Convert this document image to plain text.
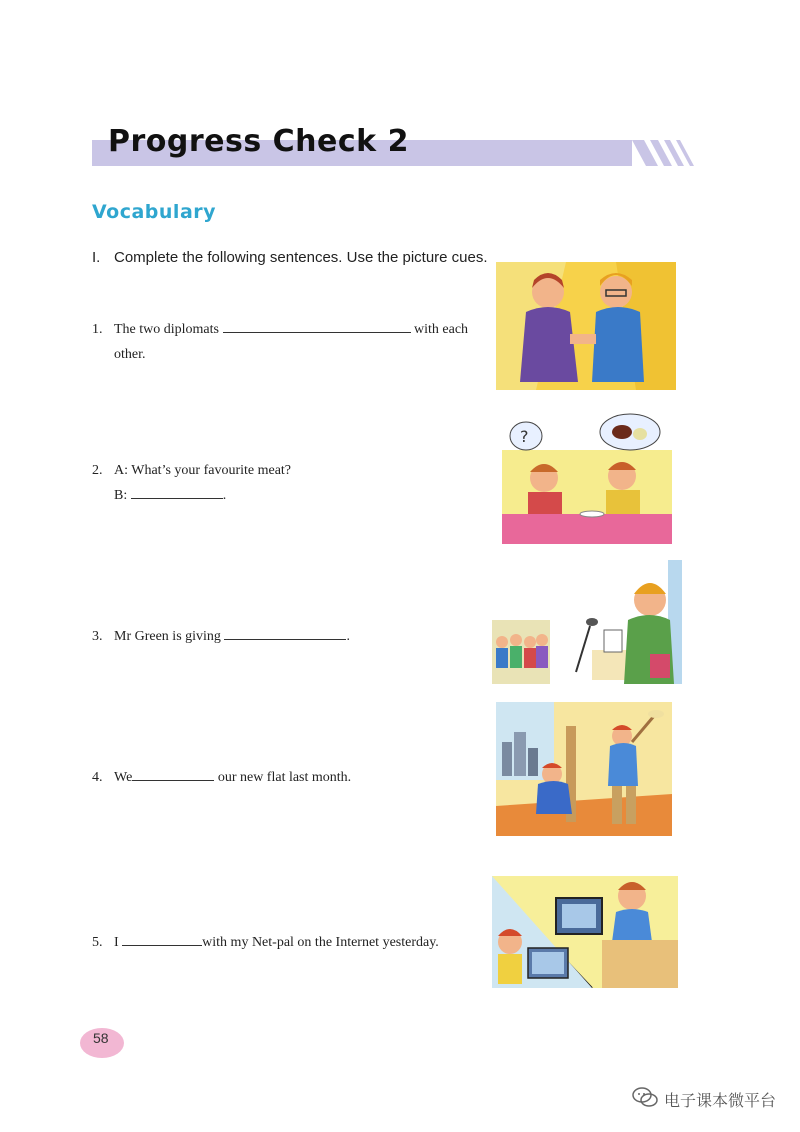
Progress Check 2
Vocabulary
I. Complete the following sentences. Use the picture cues.
1. The two diplomats	with each
other.
2. A: What’s your favourite meat?
B:	.
3. Mr Green is giving	.
4. We	our new flat last month.
5. I	with my Net-pal on the Internet yesterday.
?
58
电子课本微平台
